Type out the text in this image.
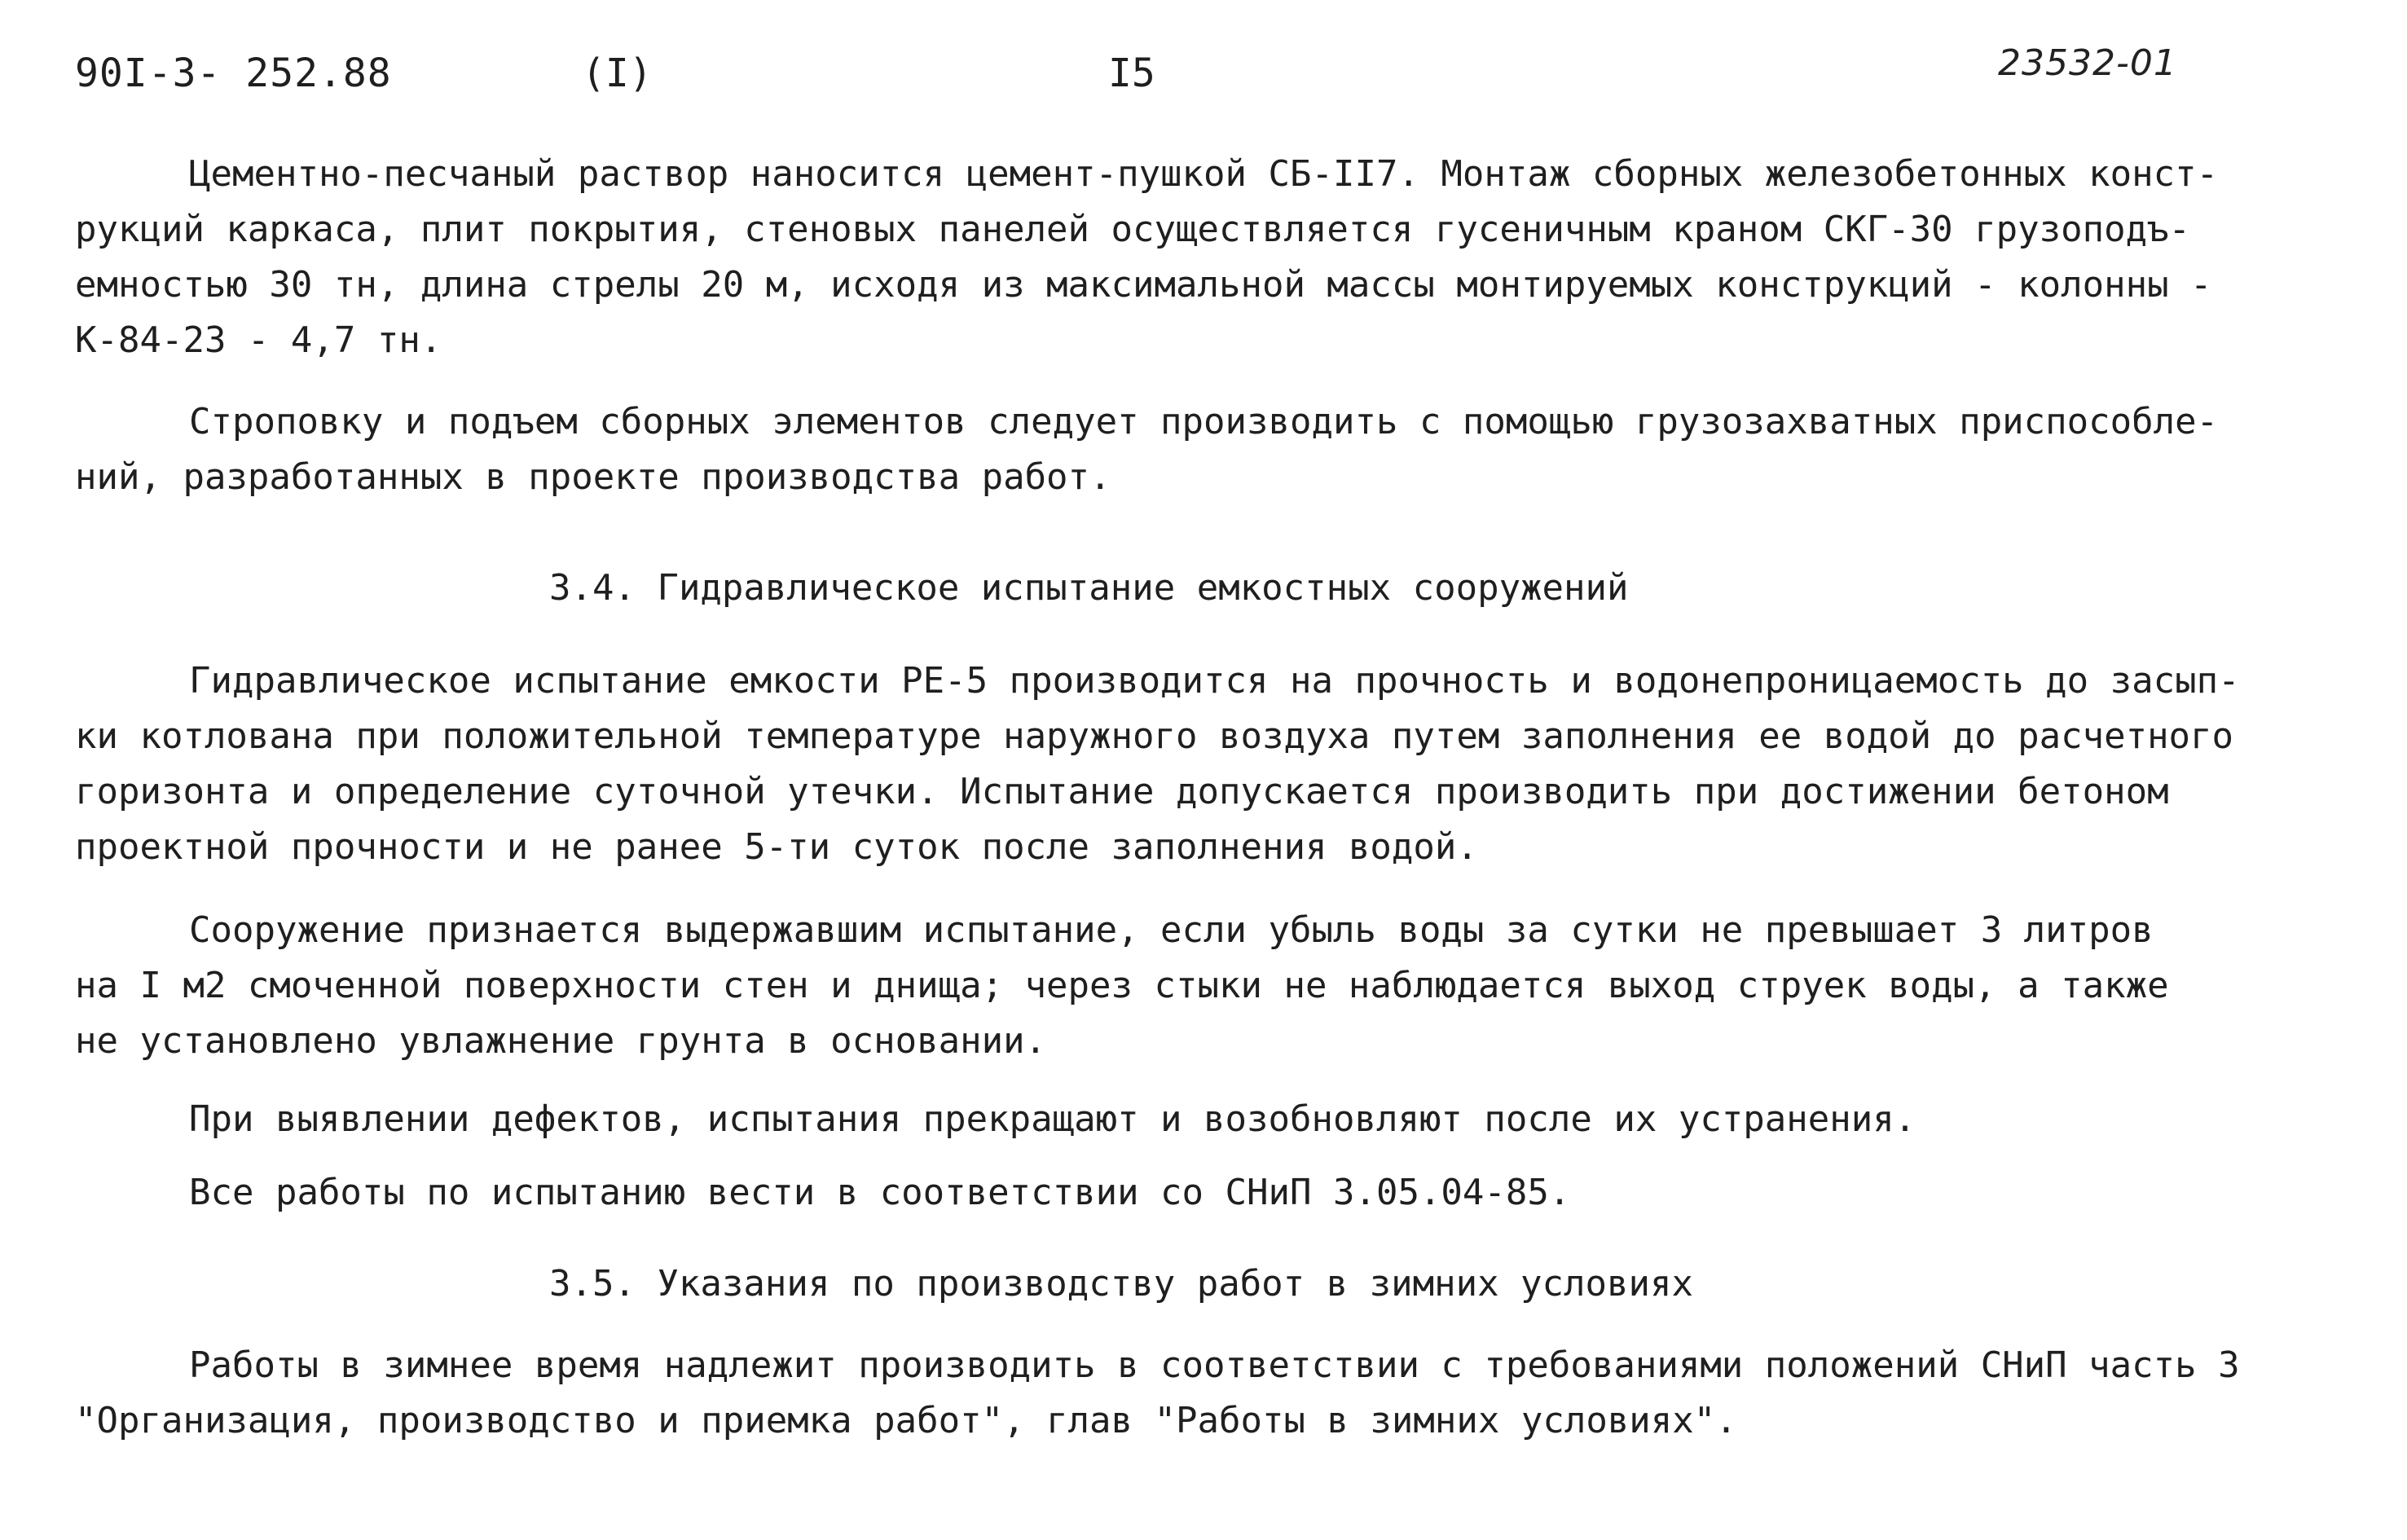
90I-3- 252.88	(I)	I5	23532-01
Цементно-песчаный раствор наносится цемент-пушкой СБ-II7. Монтаж сборных железобетонных конст-
рукций каркаса, плит покрытия, стеновых панелей осуществляется гусеничным краном СКГ-30 грузоподъ-
емностью 30 тн, длина стрелы 20 м, исходя из максимальной массы монтируемых конструкций - колонны -
К-84-23 - 4,7 тн.
Строповку и подъем сборных элементов следует производить с помощью грузозахватных приспособле-
ний, разработанных в проекте производства работ.
3.4. Гидравлическое испытание емкостных сооружений
Гидравлическое испытание емкости РЕ-5 производится на прочность и водонепроницаемость до засып-
ки котлована при положительной температуре наружного воздуха путем заполнения ее водой до расчетного
горизонта и определение суточной утечки. Испытание допускается производить при достижении бетоном
проектной прочности и не ранее 5-ти суток после заполнения водой.
Сооружение признается выдержавшим испытание, если убыль воды за сутки не превышает 3 литров
на I м2 смоченной поверхности стен и днища; через стыки не наблюдается выход струек воды, а также
не установлено увлажнение грунта в основании.
При выявлении дефектов, испытания прекращают и возобновляют после их устранения.
Все работы по испытанию вести в соответствии со СНиП 3.05.04-85.
3.5. Указания по производству работ в зимних условиях
Работы в зимнее время надлежит производить в соответствии с требованиями положений СНиП часть 3
"Организация, производство и приемка работ", глав "Работы в зимних условиях".
